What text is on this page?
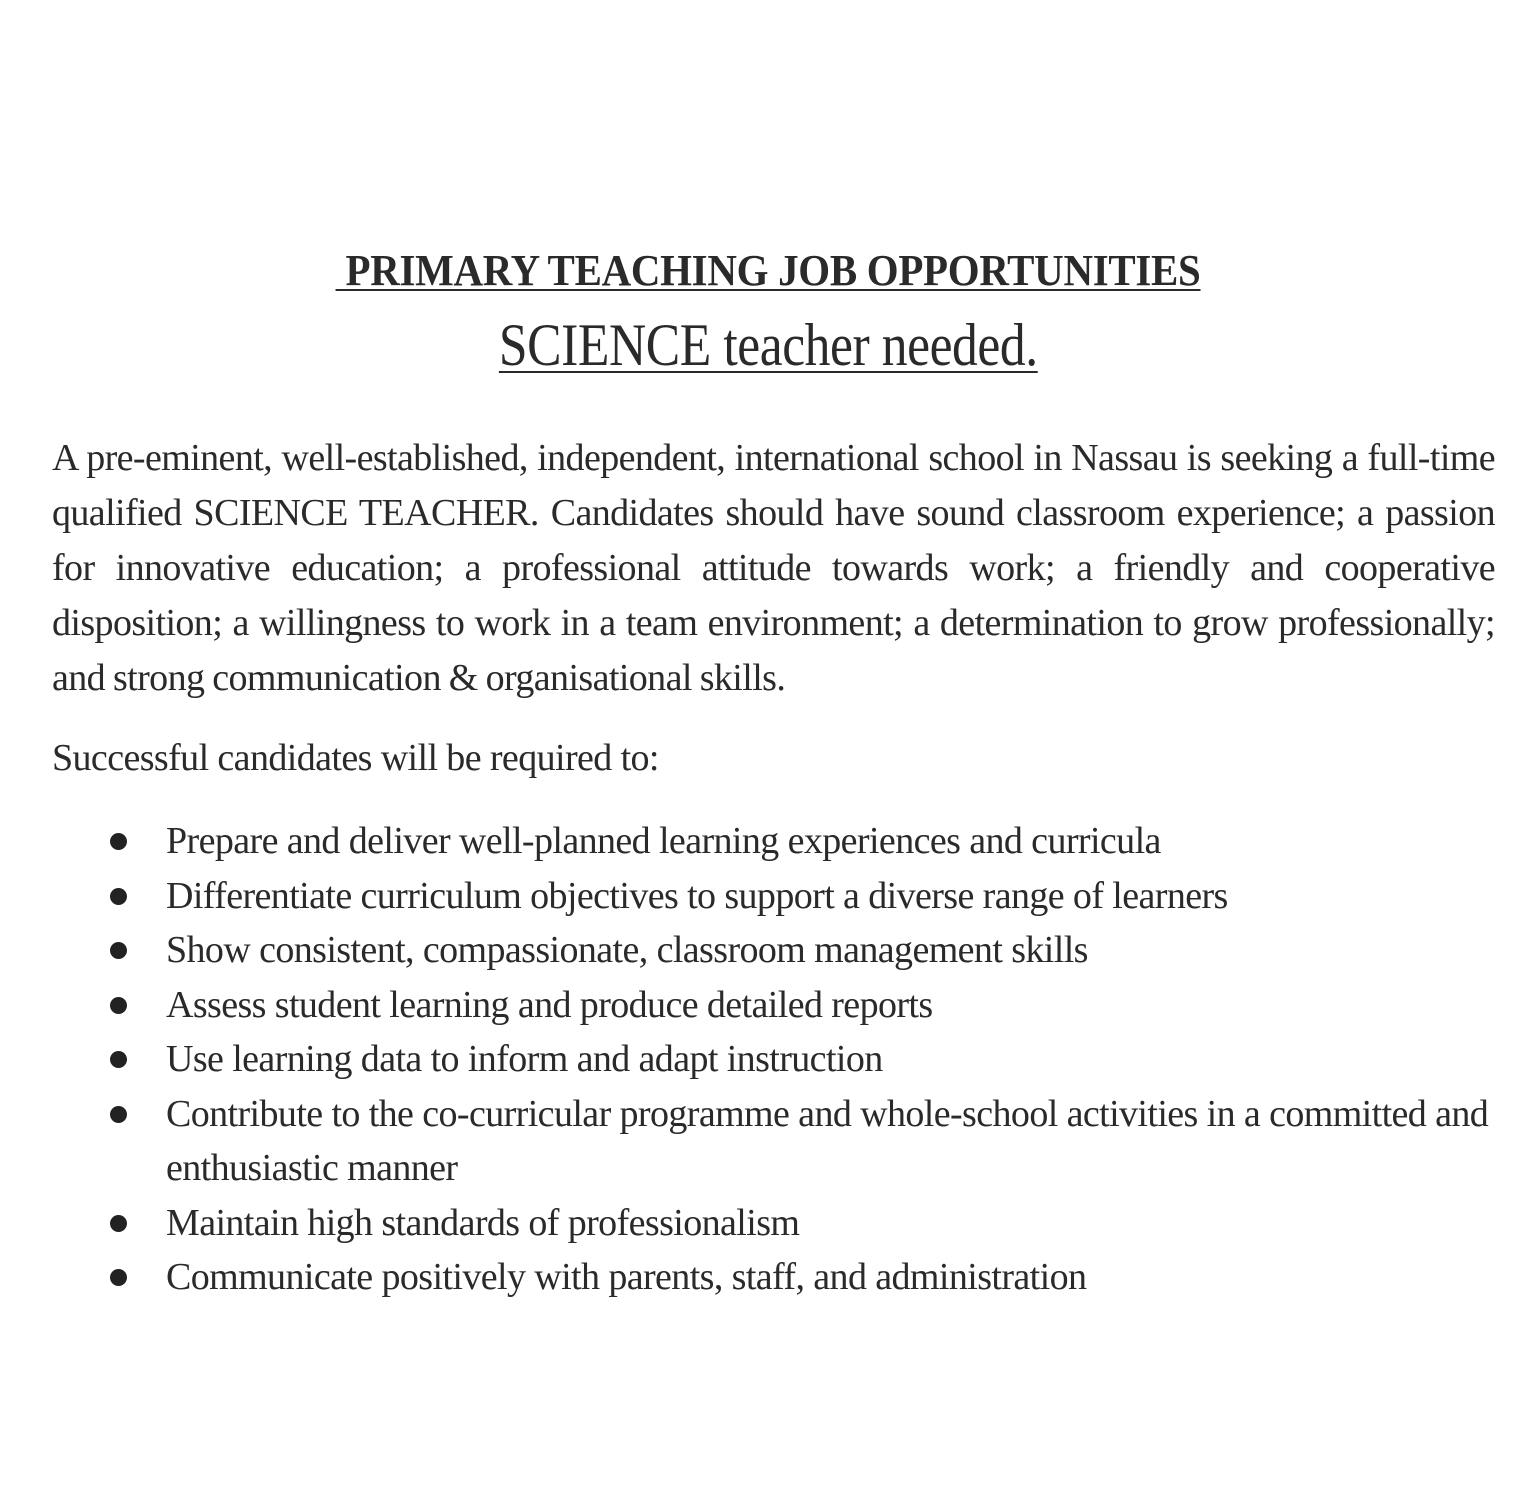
PRIMARY TEACHING JOB OPPORTUNITIES
SCIENCE teacher needed.

A pre-eminent, well-established, independent, international school in Nassau is seeking a full-time qualified SCIENCE TEACHER. Candidates should have sound classroom experience; a passion for innovative education; a professional attitude towards work; a friendly and cooperative disposition; a willingness to work in a team environment; a determination to grow professionally; and strong communication & organisational skills.

Successful candidates will be required to:

Prepare and deliver well-planned learning experiences and curricula
Differentiate curriculum objectives to support a diverse range of learners
Show consistent, compassionate, classroom management skills
Assess student learning and produce detailed reports
Use learning data to inform and adapt instruction
Contribute to the co-curricular programme and whole-school activities in a committed and enthusiastic manner
Maintain high standards of professionalism
Communicate positively with parents, staff, and administration
